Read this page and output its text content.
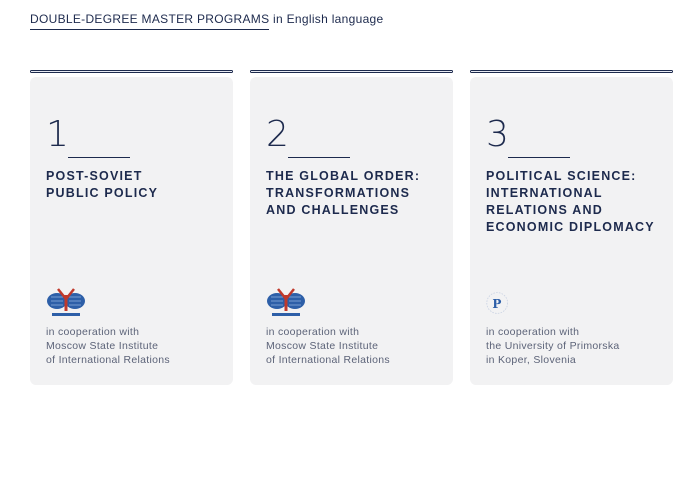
DOUBLE-DEGREE MASTER PROGRAMS in English language
1
POST-SOVIET
PUBLIC POLICY
in cooperation with
Moscow State Institute
of International Relations
2
THE GLOBAL ORDER:
TRANSFORMATIONS
AND CHALLENGES
in cooperation with
Moscow State Institute
of International Relations
3
POLITICAL SCIENCE:
INTERNATIONAL
RELATIONS AND
ECONOMIC DIPLOMACY
P
in cooperation with
the University of Primorska
in Koper, Slovenia
